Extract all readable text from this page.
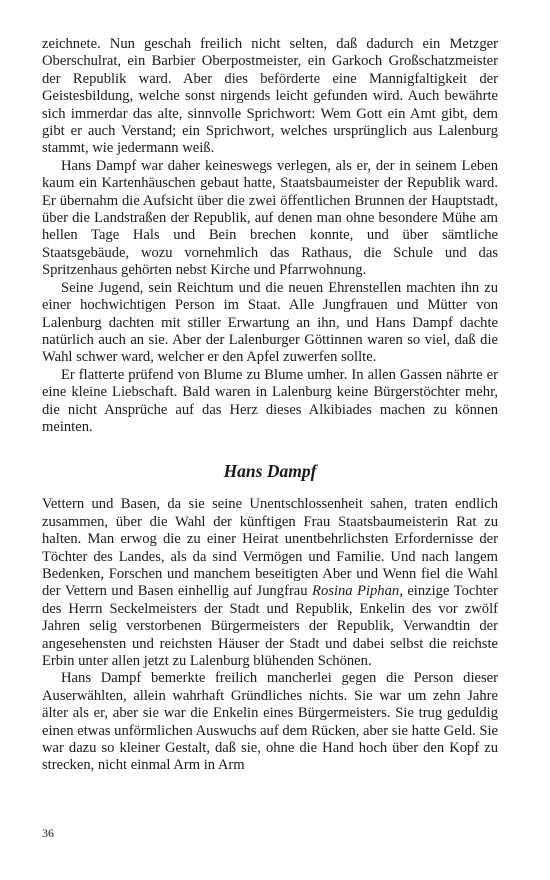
zeichnete. Nun geschah freilich nicht selten, daß dadurch ein Metzger Oberschulrat, ein Barbier Oberpostmeister, ein Garkoch Großschatzmeister der Republik ward. Aber dies beförderte eine Mannigfaltigkeit der Geistesbildung, welche sonst nirgends leicht gefunden wird. Auch bewährte sich immerdar das alte, sinnvolle Sprichwort: Wem Gott ein Amt gibt, dem gibt er auch Verstand; ein Sprichwort, welches ursprünglich aus Lalenburg stammt, wie jedermann weiß.

Hans Dampf war daher keineswegs verlegen, als er, der in seinem Leben kaum ein Kartenhäuschen gebaut hatte, Staatsbaumeister der Republik ward. Er übernahm die Aufsicht über die zwei öffentlichen Brunnen der Hauptstadt, über die Landstraßen der Republik, auf denen man ohne besondere Mühe am hellen Tage Hals und Bein brechen konnte, und über sämtliche Staatsgebäude, wozu vornehmlich das Rathaus, die Schule und das Spritzenhaus gehörten nebst Kirche und Pfarrwohnung.

Seine Jugend, sein Reichtum und die neuen Ehrenstellen machten ihn zu einer hochwichtigen Person im Staat. Alle Jungfrauen und Mütter von Lalenburg dachten mit stiller Erwartung an ihn, und Hans Dampf dachte natürlich auch an sie. Aber der Lalenburger Göttinnen waren so viel, daß die Wahl schwer ward, welcher er den Apfel zuwerfen sollte.

Er flatterte prüfend von Blume zu Blume umher. In allen Gassen nährte er eine kleine Liebschaft. Bald waren in Lalenburg keine Bürgerstöchter mehr, die nicht Ansprüche auf das Herz dieses Alkibiades machen zu können meinten.

Hans Dampf

Vettern und Basen, da sie seine Unentschlossenheit sahen, traten endlich zusammen, über die Wahl der künftigen Frau Staatsbaumeisterin Rat zu halten. Man erwog die zu einer Heirat unentbehrlichsten Erfordernisse der Töchter des Landes, als da sind Vermögen und Familie. Und nach langem Bedenken, Forschen und manchem beseitigten Aber und Wenn fiel die Wahl der Vettern und Basen einhellig auf Jungfrau Rosina Piphan, einzige Tochter des Herrn Seckelmeisters der Stadt und Republik, Enkelin des vor zwölf Jahren selig verstorbenen Bürgermeisters der Republik, Verwandtin der angesehensten und reichsten Häuser der Stadt und dabei selbst die reichste Erbin unter allen jetzt zu Lalenburg blühenden Schönen.

Hans Dampf bemerkte freilich mancherlei gegen die Person dieser Auserwählten, allein wahrhaft Gründliches nichts. Sie war um zehn Jahre älter als er, aber sie war die Enkelin eines Bürgermeisters. Sie trug geduldig einen etwas unförmlichen Auswuchs auf dem Rücken, aber sie hatte Geld. Sie war dazu so kleiner Gestalt, daß sie, ohne die Hand hoch über den Kopf zu strecken, nicht einmal Arm in Arm

36
